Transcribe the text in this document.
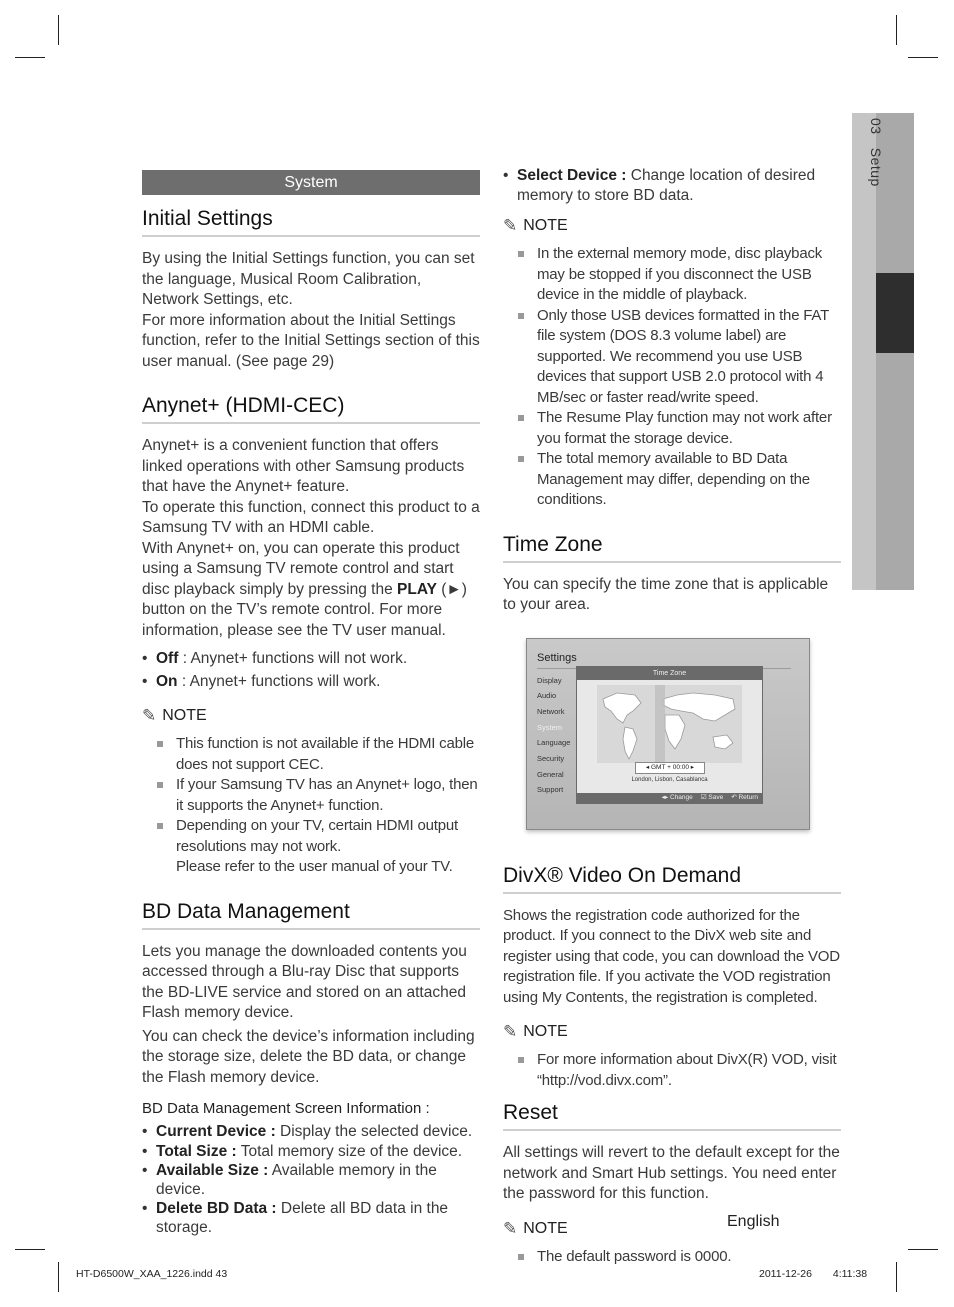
03   Setup
System
Initial Settings

By using the Initial Settings function, you can set the language, Musical Room Calibration, Network Settings, etc.

For more information about the Initial Settings function, refer to the Initial Settings section of this user manual. (See page 29)

Anynet+ (HDMI-CEC)

Anynet+ is a convenient function that offers linked operations with other Samsung products that have the Anynet+ feature.

To operate this function, connect this product to a Samsung TV with an HDMI cable.

With Anynet+ on, you can operate this product using a Samsung TV remote control and start disc playback simply by pressing the PLAY (►) button on the TV’s remote control. For more information, please see the TV user manual.

• Off : Anynet+ functions will not work.
• On : Anynet+ functions will work.
✎ NOTE
This function is not available if the HDMI cable does not support CEC.
If your Samsung TV has an Anynet+ logo, then it supports the Anynet+ function.
Depending on your TV, certain HDMI output resolutions may not work.
Please refer to the user manual of your TV.
BD Data Management

Lets you manage the downloaded contents you accessed through a Blu-ray Disc that supports the BD-LIVE service and stored on an attached Flash memory device.

You can check the device’s information including the storage size, delete the BD data, or change the Flash memory device.

BD Data Management Screen Information :
• Current Device : Display the selected device.
• Total Size : Total memory size of the device.
• Available Size : Available memory in the device.
• Delete BD Data : Delete all BD data in the storage.
• Select Device : Change location of desired memory to store BD data.
✎ NOTE
In the external memory mode, disc playback may be stopped if you disconnect the USB device in the middle of playback.
Only those USB devices formatted in the FAT file system (DOS 8.3 volume label) are supported. We recommend you use USB devices that support USB 2.0 protocol with 4 MB/sec or faster read/write speed.
The Resume Play function may not work after you format the storage device.
The total memory available to BD Data Management may differ, depending on the conditions.
Time Zone

You can specify the time zone that is applicable to your area.

Settings
Display
Audio
Network
System
Language
Security
General
Support
Time Zone
◂ GMT + 00:00 ▸
London, Lisbon, Casablanca
◂▸ Change ☑ Save ↶ Return
DivX® Video On Demand

Shows the registration code authorized for the product. If you connect to the DivX web site and register using that code, you can download the VOD registration file. If you activate the VOD registration using My Contents, the registration is completed.

✎ NOTE
For more information about DivX(R) VOD, visit “http://vod.divx.com”.
Reset

All settings will revert to the default except for the network and Smart Hub settings. You need enter the password for this function.

✎ NOTE
The default password is 0000.
English
HT-D6500W_XAA_1226.indd 43	2011-12-26 4:11:38
